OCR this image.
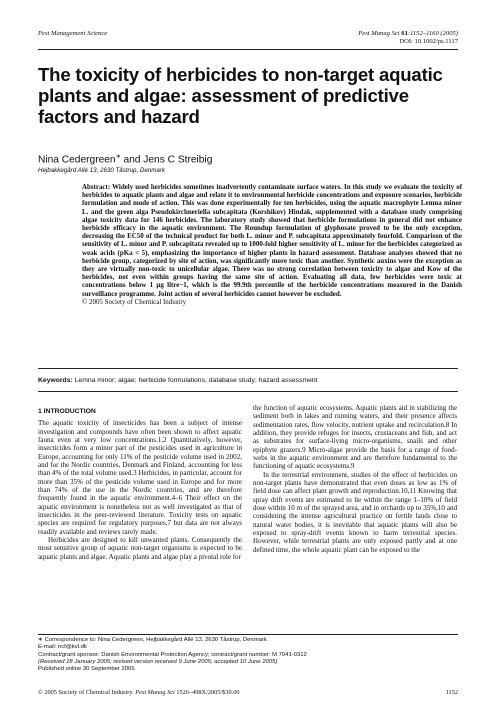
Pest Management Science	Pest Manag Sci 61:1152–1160 (2005)
DOI: 10.1002/ps.1117
The toxicity of herbicides to non-target aquatic plants and algae: assessment of predictive factors and hazard
Nina Cedergreen∗ and Jens C Streibig
Hejbakkegård Allé 13, 2630 Tåstrup, Denmark
Abstract: Widely used herbicides sometimes inadvertently contaminate surface waters. In this study we evaluate the toxicity of herbicides to aquatic plants and algae and relate it to environmental herbicide concentrations and exposure scenarios, herbicide formulation and mode of action. This was done experimentally for ten herbicides, using the aquatic macrophyte Lemna minor L. and the green alga Pseudokirchneriella subcapitata (Korshikov) Hindak, supplemented with a database study comprising algae toxicity data for 146 herbicides. The laboratory study showed that herbicide formulations in general did not enhance herbicide efficacy in the aquatic environment. The Roundup formulation of glyphosate proved to be the only exception, decreasing the EC50 of the technical product for both L. minor and P. subcapitata approximately fourfold. Comparison of the sensitivity of L. minor and P. subcapitata revealed up to 1000-fold higher sensitivity of L. minor for the herbicides categorized as weak acids (pKa < 5), emphasizing the importance of higher plants in hazard assessment. Database analyses showed that no herbicide group, categorized by site of action, was significantly more toxic than another. Synthetic auxins were the exception as they are virtually non-toxic to unicellular algae. There was no strong correlation between toxicity to algae and Kow of the herbicides, not even within groups having the same site of action. Evaluating all data, few herbicides were toxic at concentrations below 1 μg litre−1, which is the 99.9th percentile of the herbicide concentrations measured in the Danish surveillance programme. Joint action of several herbicides cannot however be excluded.
© 2005 Society of Chemical Industry
Keywords: Lemna minor; algae; herbicide formulations; database study; hazard assessment
1 INTRODUCTION

The aquatic toxicity of insecticides has been a subject of intense investigation and compounds have often been shown to affect aquatic fauna even at very low concentrations.1,2 Quantitatively, however, insecticides form a minor part of the pesticides used in agriculture in Europe, accounting for only 11% of the pesticide volume used in 2002, and for the Nordic countries, Denmark and Finland, accounting for less than 4% of the total volume used.3 Herbicides, in particular, account for more than 35% of the pesticide volume used in Europe and for more than 74% of the use in the Nordic countries, and are therefore frequently found in the aquatic environment.4–6 Their effect on the aquatic environment is nonetheless not as well investigated as that of insecticides in the peer-reviewed literature. Toxicity tests on aquatic species are required for regulatory purposes,7 but data are not always readily available and reviews rarely made.

Herbicides are designed to kill unwanted plants. Consequently the most sensitive group of aquatic non-target organisms is expected to be aquatic plants and algae. Aquatic plants and algae play a pivotal role for

the function of aquatic ecosystems. Aquatic plants aid in stabilizing the sediment both in lakes and running waters, and their presence affects sedimentation rates, flow velocity, nutrient uptake and recirculation.8 In addition, they provide refuges for insects, crustaceans and fish, and act as substrates for surface-living micro-organisms, snails and other epiphyte grazers.9 Micro-algae provide the basis for a range of food-webs in the aquatic environment and are therefore fundamental to the functioning of aquatic ecosystems.9

In the terrestrial environment, studies of the effect of herbicides on non-target plants have demonstrated that even doses as low as 1% of field dose can affect plant growth and reproduction.10,11 Knowing that spray drift events are estimated to lie within the range 1–10% of field dose within 10 m of the sprayed area, and in orchards up to 35%,10 and considering the intense agricultural practice on fertile lands close to natural water bodies, it is inevitable that aquatic plants will also be exposed to spray-drift events known to harm terrestrial species. However, while terrestrial plants are only exposed partly and at one defined time, the whole aquatic plant can be exposed to the

∗ Correspondence to: Nina Cedergreen, Hejbakkegård Allé 13, 2630 Tåstrup, Denmark
E-mail: ncf@kvl.dk
Contract/grant sponsor: Danish Environmental Protection Agency; contract/grant number: M 7041-0312
(Received 18 January 2005; revised version received 9 June 2005; accepted 10 June 2005)
Published online 30 September 2005
© 2005 Society of Chemical Industry. Pest Manag Sci 1526–498X/2005/$30.00	1152
